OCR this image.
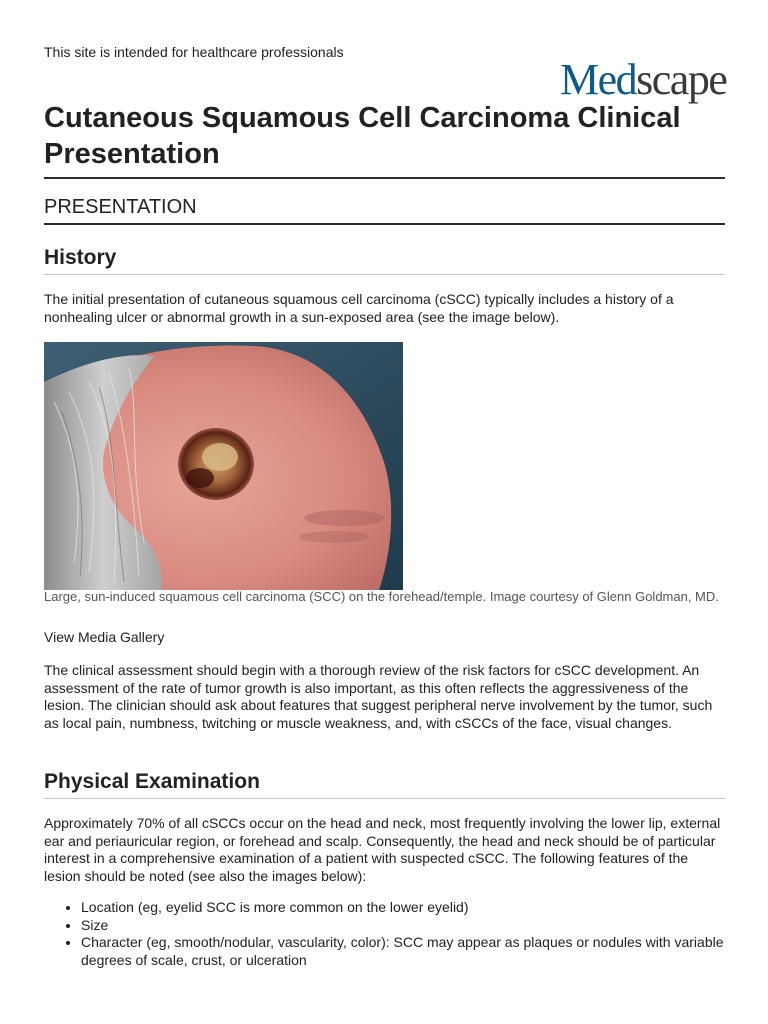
This site is intended for healthcare professionals
Medscape
Cutaneous Squamous Cell Carcinoma Clinical Presentation
PRESENTATION
History

The initial presentation of cutaneous squamous cell carcinoma (cSCC) typically includes a history of a nonhealing ulcer or abnormal growth in a sun-exposed area (see the image below).

Large, sun-induced squamous cell carcinoma (SCC) on the forehead/temple. Image courtesy of Glenn Goldman, MD.

View Media Gallery

The clinical assessment should begin with a thorough review of the risk factors for cSCC development. An assessment of the rate of tumor growth is also important, as this often reflects the aggressiveness of the lesion. The clinician should ask about features that suggest peripheral nerve involvement by the tumor, such as local pain, numbness, twitching or muscle weakness, and, with cSCCs of the face, visual changes.

Physical Examination

Approximately 70% of all cSCCs occur on the head and neck, most frequently involving the lower lip, external ear and periauricular region, or forehead and scalp. Consequently, the head and neck should be of particular interest in a comprehensive examination of a patient with suspected cSCC. The following features of the lesion should be noted (see also the images below):

• Location (eg, eyelid SCC is more common on the lower eyelid)
• Size
• Character (eg, smooth/nodular, vascularity, color): SCC may appear as plaques or nodules with variable degrees of scale, crust, or ulceration
